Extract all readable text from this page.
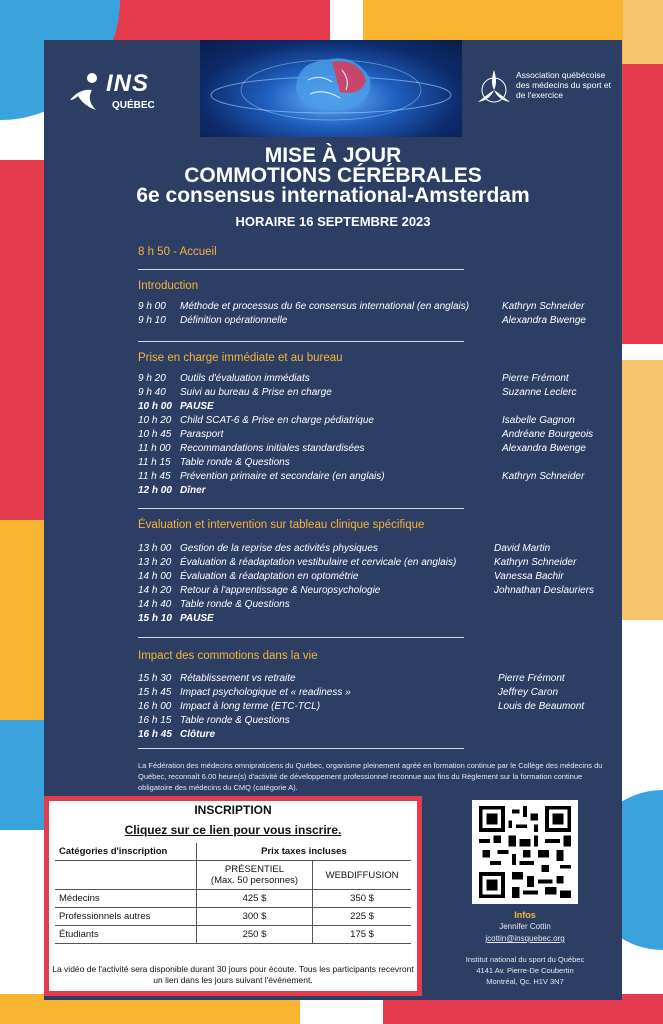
INS
QUÉBEC
Association québécoise des médecins du sport et de l'exercice
MISE À JOUR
COMMOTIONS CÉRÉBRALES
6e consensus international-Amsterdam
HORAIRE 16 SEPTEMBRE 2023
8 h 50 - Accueil
Introduction
9 h 00 Méthode et processus du 6e consensus international (en anglais)	Kathryn Schneider
9 h 10 Définition opérationnelle	Alexandra Bwenge
Prise en charge immédiate et au bureau
9 h 20 Outils d'évaluation immédiats	Pierre Frémont
9 h 40 Suivi au bureau & Prise en charge	Suzanne Leclerc
10 h 00 PAUSE
10 h 20 Child SCAT-6 & Prise en charge pédiatrique	Isabelle Gagnon
10 h 45 Parasport	Andréane Bourgeois
11 h 00 Recommandations initiales standardisées	Alexandra Bwenge
11 h 15 Table ronde & Questions
11 h 45 Prévention primaire et secondaire (en anglais)	Kathryn Schneider
12 h 00 Dîner
Évaluation et intervention sur tableau clinique spécifique
13 h 00 Gestion de la reprise des activités physiques	David Martin
13 h 20 Évaluation & réadaptation vestibulaire et cervicale (en anglais)	Kathryn Schneider
14 h 00 Évaluation & réadaptation en optométrie	Vanessa Bachir
14 h 20 Retour à l'apprentissage & Neuropsychologie	Johnathan Deslauriers
14 h 40 Table ronde & Questions
15 h 10 PAUSE
Impact des commotions dans la vie
15 h 30 Rétablissement vs retraite	Pierre Frémont
15 h 45 Impact psychologique et « readiness »	Jeffrey Caron
16 h 00 Impact à long terme (ETC-TCL)	Louis de Beaumont
16 h 15 Table ronde & Questions
16 h 45 Clôture
La Fédération des médecins omnipraticiens du Québec, organisme pleinement agréé en formation continue par le Collège des médecins du Québec, reconnaît 6.00 heure(s) d'activité de développement professionnel reconnue aux fins du Règlement sur la formation continue obligatoire des médecins du CMQ (catégorie A).
INSCRIPTION
Cliquez sur ce lien pour vous inscrire.
Catégories d'inscription	Prix taxes incluses	

	PRÉSENTIEL
(Max. 50 personnes)	WEBDIFFUSION
Médecins	425 $	350 $
Professionnels autres	300 $	225 $
Étudiants	250 $	175 $
La vidéo de l'activité sera disponible durant 30 jours pour écoute. Tous les participants recevront un lien dans les jours suivant l'événement.
Infos
Jennifer Cottin
jcottin@insquebec.org
Institut national du sport du Québec
4141 Av. Pierre-De Coubertin
Montréal, Qc. H1V 3N7
